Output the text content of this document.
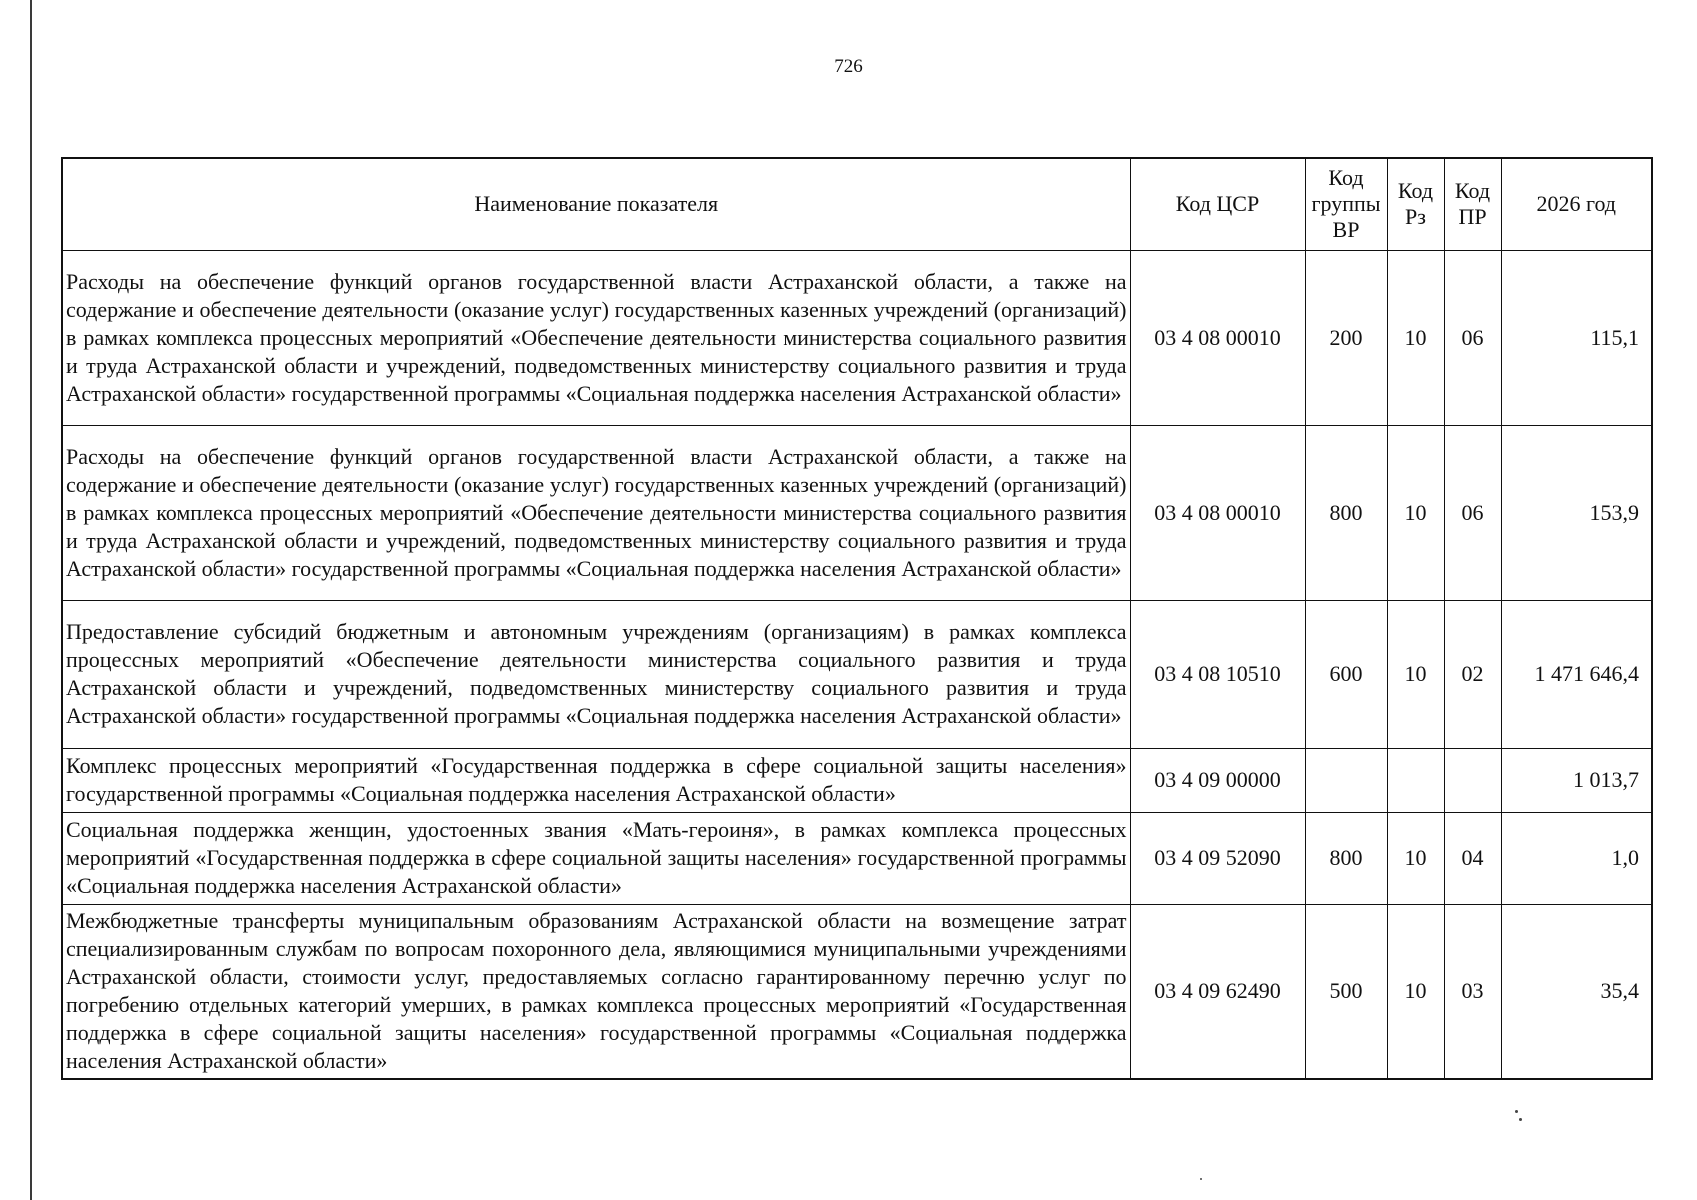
726
Наименование показателя	Код ЦСР	Код группы ВР	Код Рз	Код ПР	2026 год
Расходы на обеспечение функций органов государственной власти Астраханской области, а также на содержание и обеспечение деятельности (оказание услуг) государственных казенных учреждений (организаций) в рамках комплекса процессных мероприятий «Обеспечение деятельности министерства социального развития и труда Астраханской области и учреждений, подведомственных министерству социального развития и труда Астраханской области» государственной программы «Социальная поддержка населения Астраханской области»	03 4 08 00010	200	10	06	115,1
Расходы на обеспечение функций органов государственной власти Астраханской области, а также на содержание и обеспечение деятельности (оказание услуг) государственных казенных учреждений (организаций) в рамках комплекса процессных мероприятий «Обеспечение деятельности министерства социального развития и труда Астраханской области и учреждений, подведомственных министерству социального развития и труда Астраханской области» государственной программы «Социальная поддержка населения Астраханской области»	03 4 08 00010	800	10	06	153,9
Предоставление субсидий бюджетным и автономным учреждениям (организациям) в рамках комплекса процессных мероприятий «Обеспечение деятельности министерства социального развития и труда Астраханской области и учреждений, подведомственных министерству социального развития и труда Астраханской области» государственной программы «Социальная поддержка населения Астраханской области»	03 4 08 10510	600	10	02	1 471 646,4
Комплекс процессных мероприятий «Государственная поддержка в сфере социальной защиты населения» государственной программы «Социальная поддержка населения Астраханской области»	03 4 09 00000				1 013,7
Социальная поддержка женщин, удостоенных звания «Мать-героиня», в рамках комплекса процессных мероприятий «Государственная поддержка в сфере социальной защиты населения» государственной программы «Социальная поддержка населения Астраханской области»	03 4 09 52090	800	10	04	1,0
Межбюджетные трансферты муниципальным образованиям Астраханской области на возмещение затрат специализированным службам по вопросам похоронного дела, являющимися муниципальными учреждениями Астраханской области, стоимости услуг, предоставляемых согласно гарантированному перечню услуг по погребению отдельных категорий умерших, в рамках комплекса процессных мероприятий «Государственная поддержка в сфере социальной защиты населения» государственной программы «Социальная поддержка населения Астраханской области»	03 4 09 62490	500	10	03	35,4
